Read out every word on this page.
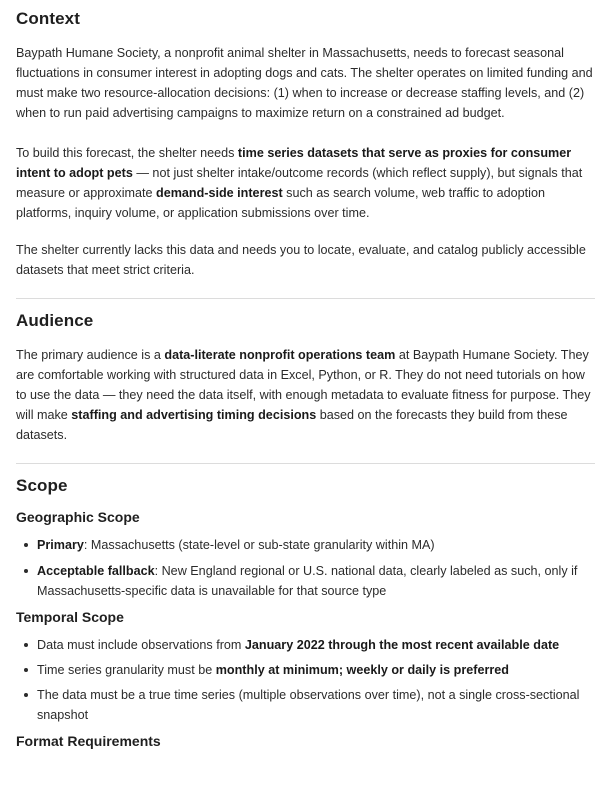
Context

Baypath Humane Society, a nonprofit animal shelter in Massachusetts, needs to forecast seasonal fluctuations in consumer interest in adopting dogs and cats. The shelter operates on limited funding and must make two resource-allocation decisions: (1) when to increase or decrease staffing levels, and (2) when to run paid advertising campaigns to maximize return on a constrained ad budget.

To build this forecast, the shelter needs time series datasets that serve as proxies for consumer intent to adopt pets — not just shelter intake/outcome records (which reflect supply), but signals that measure or approximate demand-side interest such as search volume, web traffic to adoption platforms, inquiry volume, or application submissions over time.

The shelter currently lacks this data and needs you to locate, evaluate, and catalog publicly accessible datasets that meet strict criteria.

Audience

The primary audience is a data-literate nonprofit operations team at Baypath Humane Society. They are comfortable working with structured data in Excel, Python, or R. They do not need tutorials on how to use the data — they need the data itself, with enough metadata to evaluate fitness for purpose. They will make staffing and advertising timing decisions based on the forecasts they build from these datasets.

Scope
Geographic Scope
Primary: Massachusetts (state-level or sub-state granularity within MA)
Acceptable fallback: New England regional or U.S. national data, clearly labeled as such, only if Massachusetts-specific data is unavailable for that source type
Temporal Scope
Data must include observations from January 2022 through the most recent available date
Time series granularity must be monthly at minimum; weekly or daily is preferred
The data must be a true time series (multiple observations over time), not a single cross-sectional snapshot
Format Requirements
